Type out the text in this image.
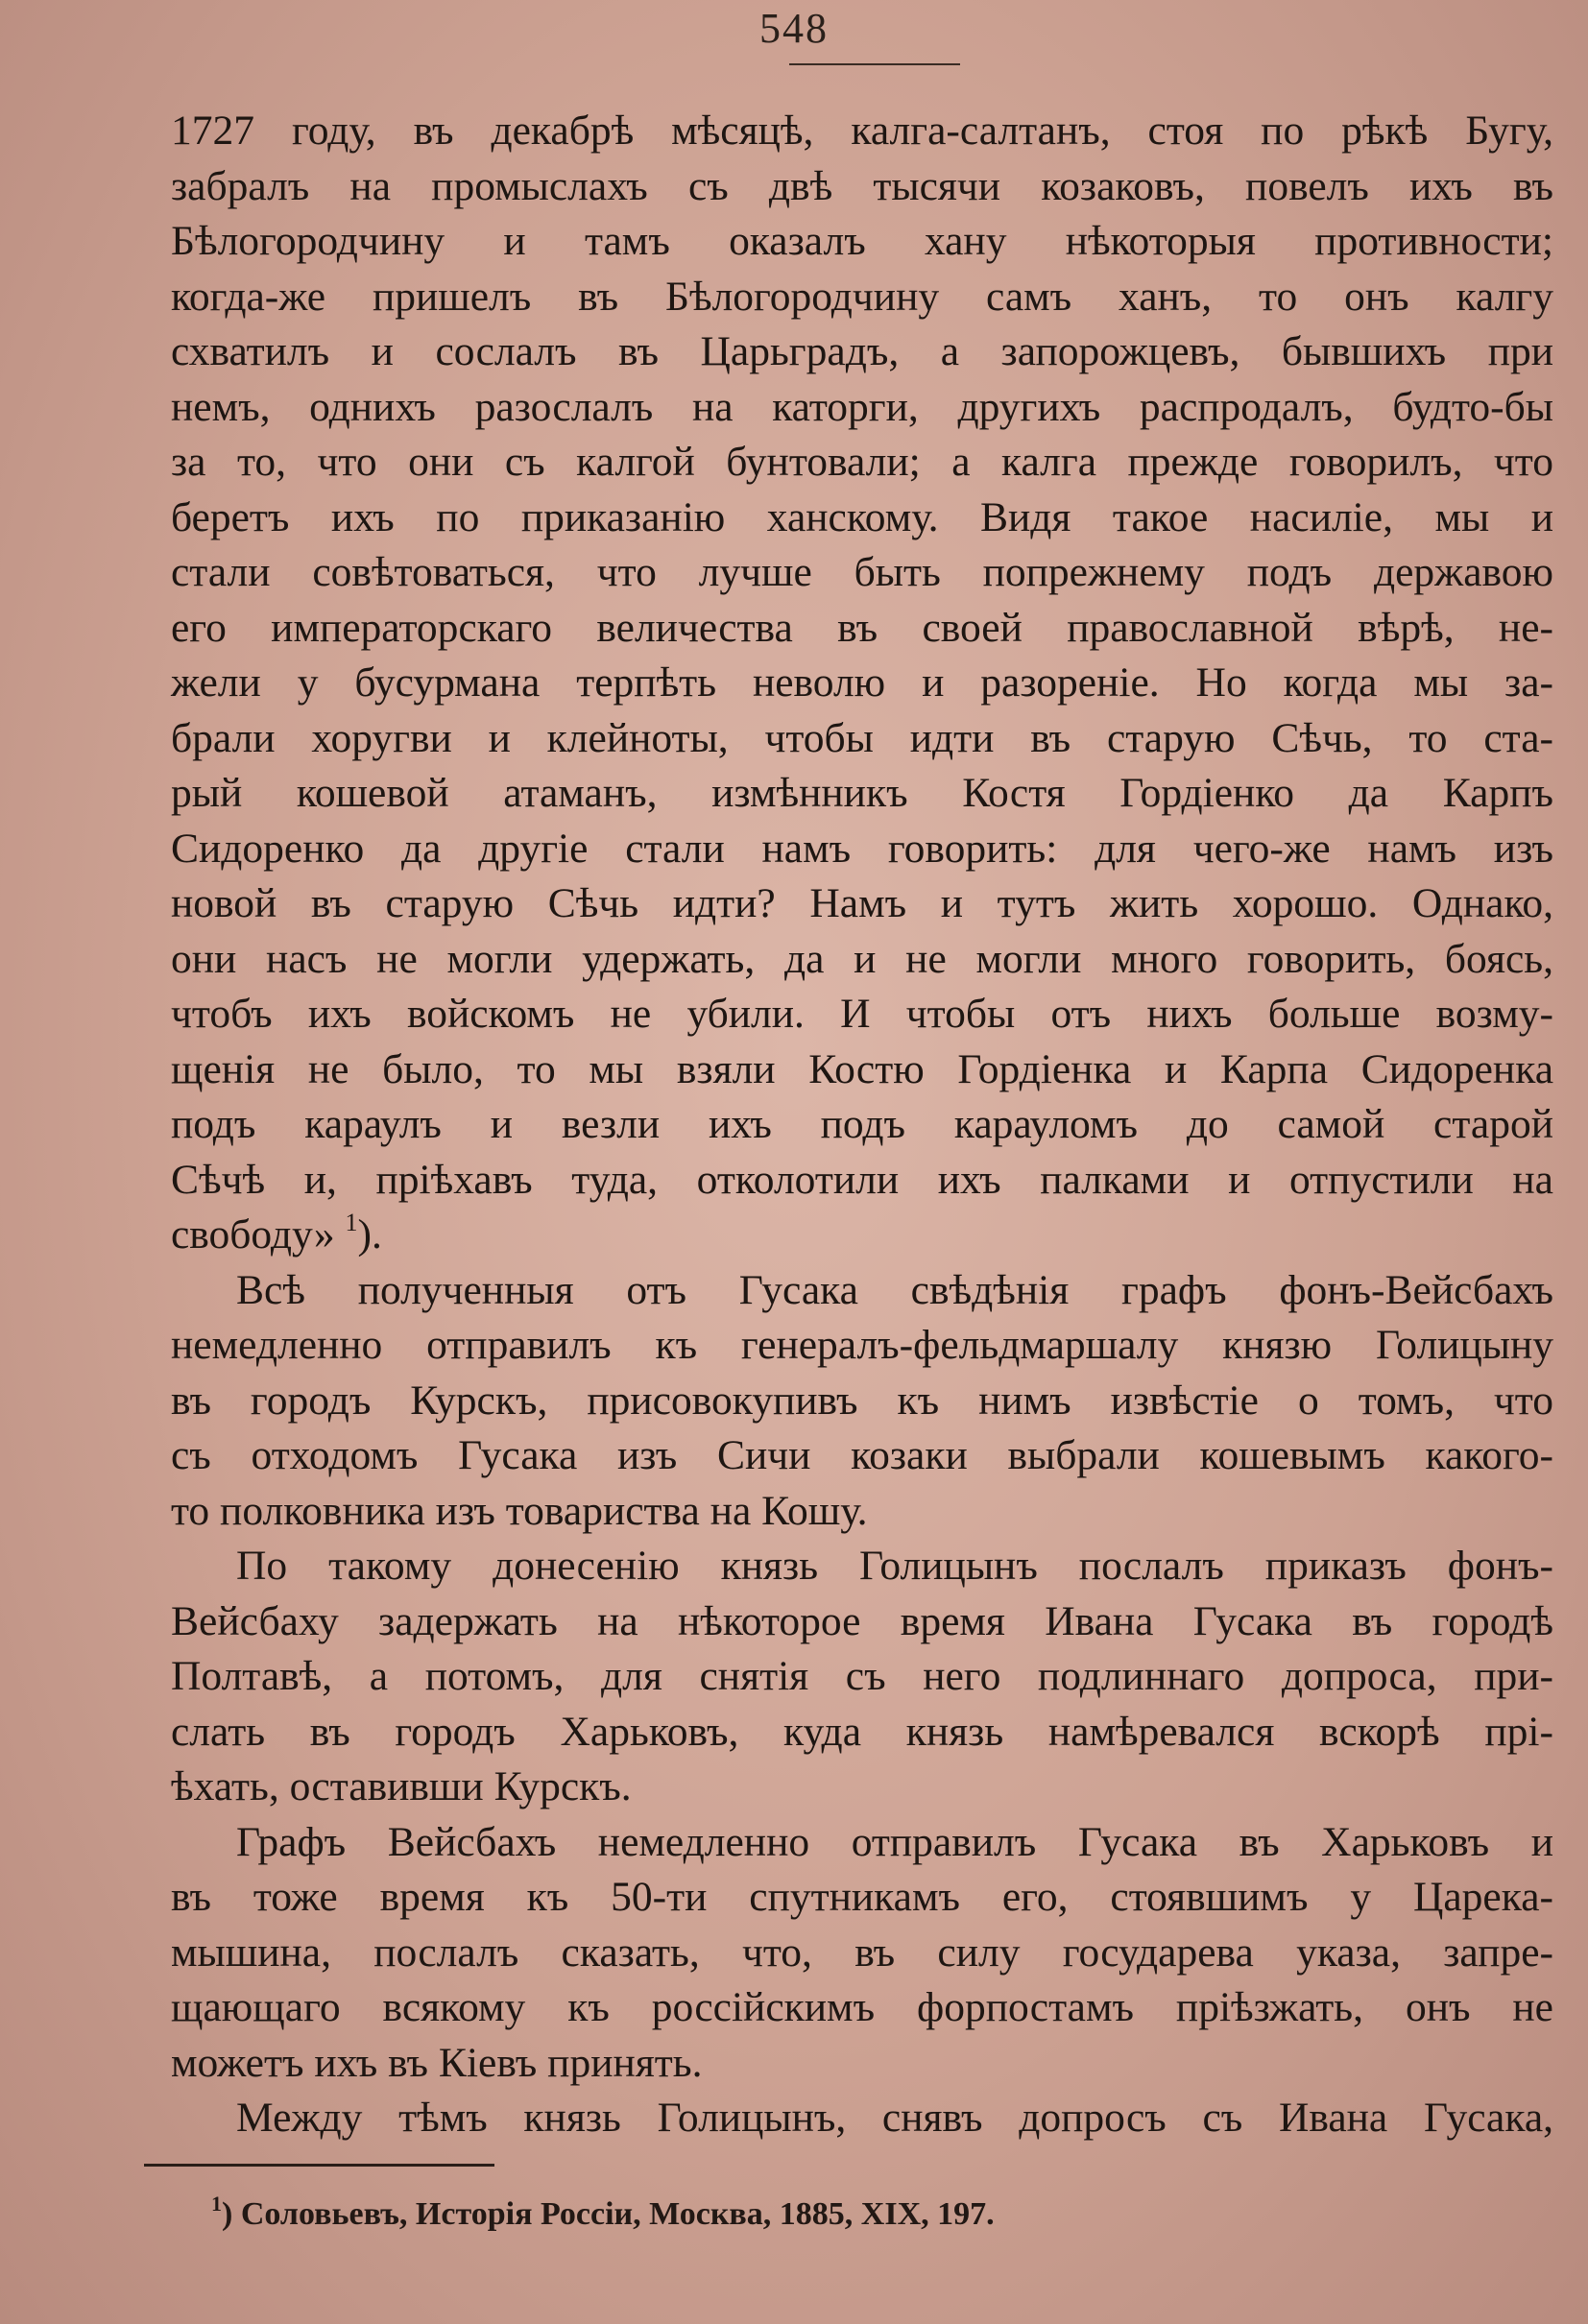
548
1727 году, въ декабрѣ мѣсяцѣ, калга-салтанъ, стоя по рѣкѣ Бугу,
забралъ на промыслахъ съ двѣ тысячи козаковъ, повелъ ихъ въ
Бѣлогородчину и тамъ оказалъ хану нѣкоторыя противности;
когда-же пришелъ въ Бѣлогородчину самъ ханъ, то онъ калгу
схватилъ и сослалъ въ Царьградъ, а запорожцевъ, бывшихъ при
немъ, однихъ разослалъ на каторги, другихъ распродалъ, будто-бы
за то, что они съ калгой бунтовали; а калга прежде говорилъ, что
беретъ ихъ по приказанію ханскому. Видя такое насиліе, мы и
стали совѣтоваться, что лучше быть попрежнему подъ державою
его императорскаго величества въ своей православной вѣрѣ, не-
жели у бусурмана терпѣть неволю и разореніе. Но когда мы за-
брали хоругви и клейноты, чтобы идти въ старую Сѣчь, то ста-
рый кошевой атаманъ, измѣнникъ Костя Гордіенко да Карпъ
Сидоренко да другіе стали намъ говорить: для чего-же намъ изъ
новой въ старую Сѣчь идти? Намъ и тутъ жить хорошо. Однако,
они насъ не могли удержать, да и не могли много говорить, боясь,
чтобъ ихъ войскомъ не убили. И чтобы отъ нихъ больше возму-
щенія не было, то мы взяли Костю Гордіенка и Карпа Сидоренка
подъ караулъ и везли ихъ подъ карауломъ до самой старой
Сѣчѣ и, пріѣхавъ туда, отколотили ихъ палками и отпустили на
свободу» $^1$).
Всѣ полученныя отъ Гусака свѣдѣнія графъ фонъ-Вейсбахъ
немедленно отправилъ къ генералъ-фельдмаршалу князю Голицыну
въ городъ Курскъ, присовокупивъ къ нимъ извѣстіе о томъ, что
съ отходомъ Гусака изъ Сичи козаки выбрали кошевымъ какого-
то полковника изъ товариства на Кошу.
По такому донесенію князь Голицынъ послалъ приказъ фонъ-
Вейсбаху задержать на нѣкоторое время Ивана Гусака въ городѣ
Полтавѣ, а потомъ, для снятія съ него подлиннаго допроса, при-
слать въ городъ Харьковъ, куда князь намѣревался вскорѣ прі-
ѣхать, оставивши Курскъ.
Графъ Вейсбахъ немедленно отправилъ Гусака въ Харьковъ и
въ тоже время къ 50-ти спутникамъ его, стоявшимъ у Царека-
мышина, послалъ сказать, что, въ силу государева указа, запре-
щающаго всякому къ россійскимъ форпостамъ пріѣзжать, онъ не
можетъ ихъ въ Кіевъ принять.
Между тѣмъ князь Голицынъ, снявъ допросъ съ Ивана Гусака,
$^1$) Соловьевъ, Исторія Россіи, Москва, 1885, XIX, 197.
